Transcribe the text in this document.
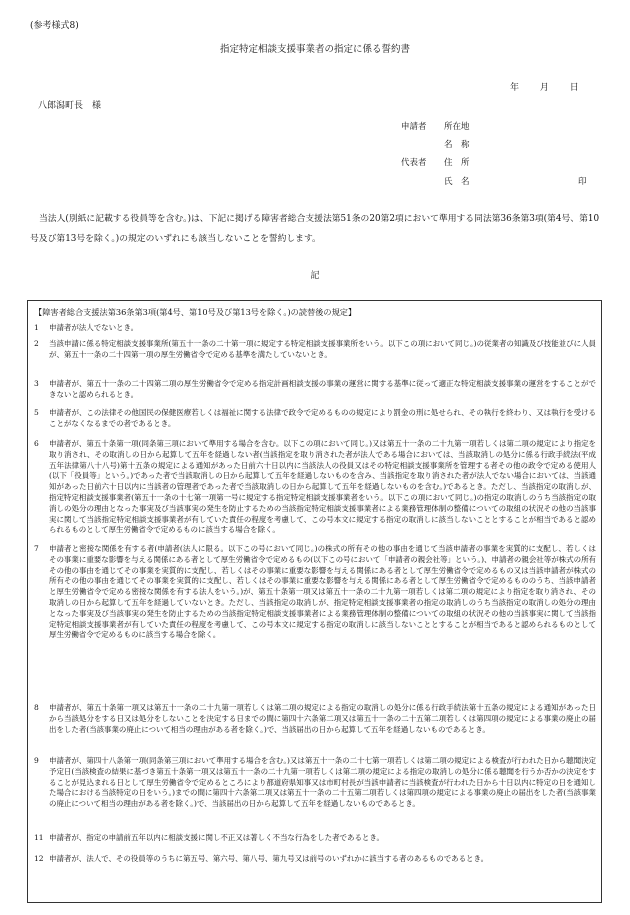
(参考様式8)
指定特定相談支援事業者の指定に係る誓約書
年 月 日
八郎潟町長　様
申請者 所在地
名　称
代表者 住　所
氏　名	印
当法人(別紙に記載する役員等を含む。)は、下記に掲げる障害者総合支援法第51条の20第2項において準用する同法第36条第3項(第4号、第10号及び第13号を除く。)の規定のいずれにも該当しないことを誓約します。
記
【障害者総合支援法第36条第3項(第4号、第10号及び第13号を除く。)の読替後の規定】
1	申請者が法人でないとき。
2	当該申請に係る特定相談支援事業所(第五十一条の二十第一項に規定する特定相談支援事業所をいう。以下この項において同じ。)の従業者の知識及び技能並びに人員が、第五十一条の二十四第一項の厚生労働省令で定める基準を満たしていないとき。
3	申請者が、第五十一条の二十四第二項の厚生労働省令で定める指定計画相談支援の事業の運営に関する基準に従って適正な特定相談支援事業の運営をすることができないと認められるとき。
5	申請者が、この法律その他国民の保健医療若しくは福祉に関する法律で政令で定めるものの規定により罰金の刑に処せられ、その執行を終わり、又は執行を受けることがなくなるまでの者であるとき。
6	申請者が、第五十条第一項(同条第三項において準用する場合を含む。以下この項において同じ。)又は第五十一条の二十九第一項若しくは第二項の規定により指定を取り消され、その取消しの日から起算して五年を経過しない者(当該指定を取り消された者が法人である場合においては、当該取消しの処分に係る行政手続法(平成五年法律第八十八号)第十五条の規定による通知があった日前六十日以内に当該法人の役員又はその特定相談支援事業所を管理する者その他の政令で定める使用人(以下「役員等」という。)であった者で当該取消しの日から起算して五年を経過しないものを含み、当該指定を取り消された者が法人でない場合においては、当該通知があった日前六十日以内に当該者の管理者であった者で当該取消しの日から起算して五年を経過しないものを含む。)であるとき。ただし、当該指定の取消しが、指定特定相談支援事業者(第五十一条の十七第一項第一号に規定する指定特定相談支援事業者をいう。以下この項において同じ。)の指定の取消しのうち当該指定の取消しの処分の理由となった事実及び当該事実の発生を防止するための当該指定特定相談支援事業者による業務管理体制の整備についての取組の状況その他の当該事実に関して当該指定特定相談支援事業者が有していた責任の程度を考慮して、この号本文に規定する指定の取消しに該当しないこととすることが相当であると認められるものとして厚生労働省令で定めるものに該当する場合を除く。
7	申請者と密接な関係を有する者(申請者(法人に限る。以下この号において同じ。)の株式の所有その他の事由を通じて当該申請者の事業を実質的に支配し、若しくはその事業に重要な影響を与える関係にある者として厚生労働省令で定めるもの(以下この号において「申請者の親会社等」という。)、申請者の親会社等が株式の所有その他の事由を通じてその事業を実質的に支配し、若しくはその事業に重要な影響を与える関係にある者として厚生労働省令で定めるもの又は当該申請者が株式の所有その他の事由を通じてその事業を実質的に支配し、若しくはその事業に重要な影響を与える関係にある者として厚生労働省令で定めるもののうち、当該申請者と厚生労働省令で定める密接な関係を有する法人をいう。)が、第五十条第一項又は第五十一条の二十九第一項若しくは第二項の規定により指定を取り消され、その取消しの日から起算して五年を経過していないとき。ただし、当該指定の取消しが、指定特定相談支援事業者の指定の取消しのうち当該指定の取消しの処分の理由となった事実及び当該事実の発生を防止するための当該指定特定相談支援事業者による業務管理体制の整備についての取組の状況その他の当該事実に関して当該指定特定相談支援事業者が有していた責任の程度を考慮して、この号本文に規定する指定の取消しに該当しないこととすることが相当であると認められるものとして厚生労働省令で定めるものに該当する場合を除く。
8	申請者が、第五十条第一項又は第五十一条の二十九第一項若しくは第二項の規定による指定の取消しの処分に係る行政手続法第十五条の規定による通知があった日から当該処分をする日又は処分をしないことを決定する日までの間に第四十六条第二項又は第五十一条の二十五第二項若しくは第四項の規定による事業の廃止の届出をした者(当該事業の廃止について相当の理由がある者を除く。)で、当該届出の日から起算して五年を経過しないものであるとき。
9	申請者が、第四十八条第一項(同条第三項において準用する場合を含む。)又は第五十一条の二十七第一項若しくは第二項の規定による検査が行われた日から聴聞決定予定日(当該検査の結果に基づき第五十条第一項又は第五十一条の二十九第一項若しくは第二項の規定による指定の取消しの処分に係る聴聞を行うか否かの決定をすることが見込まれる日として厚生労働省令で定めるところにより都道府県知事又は市町村長が当該申請者に当該検査が行われた日から十日以内に特定の日を通知した場合における当該特定の日をいう。)までの間に第四十六条第二項又は第五十一条の二十五第二項若しくは第四項の規定による事業の廃止の届出をした者(当該事業の廃止について相当の理由がある者を除く。)で、当該届出の日から起算して五年を経過しないものであるとき。
11 申請者が、指定の申請前五年以内に相談支援に関し不正又は著しく不当な行為をした者であるとき。
12 申請者が、法人で、その役員等のうちに第五号、第六号、第八号、第九号又は前号のいずれかに該当する者のあるものであるとき。
